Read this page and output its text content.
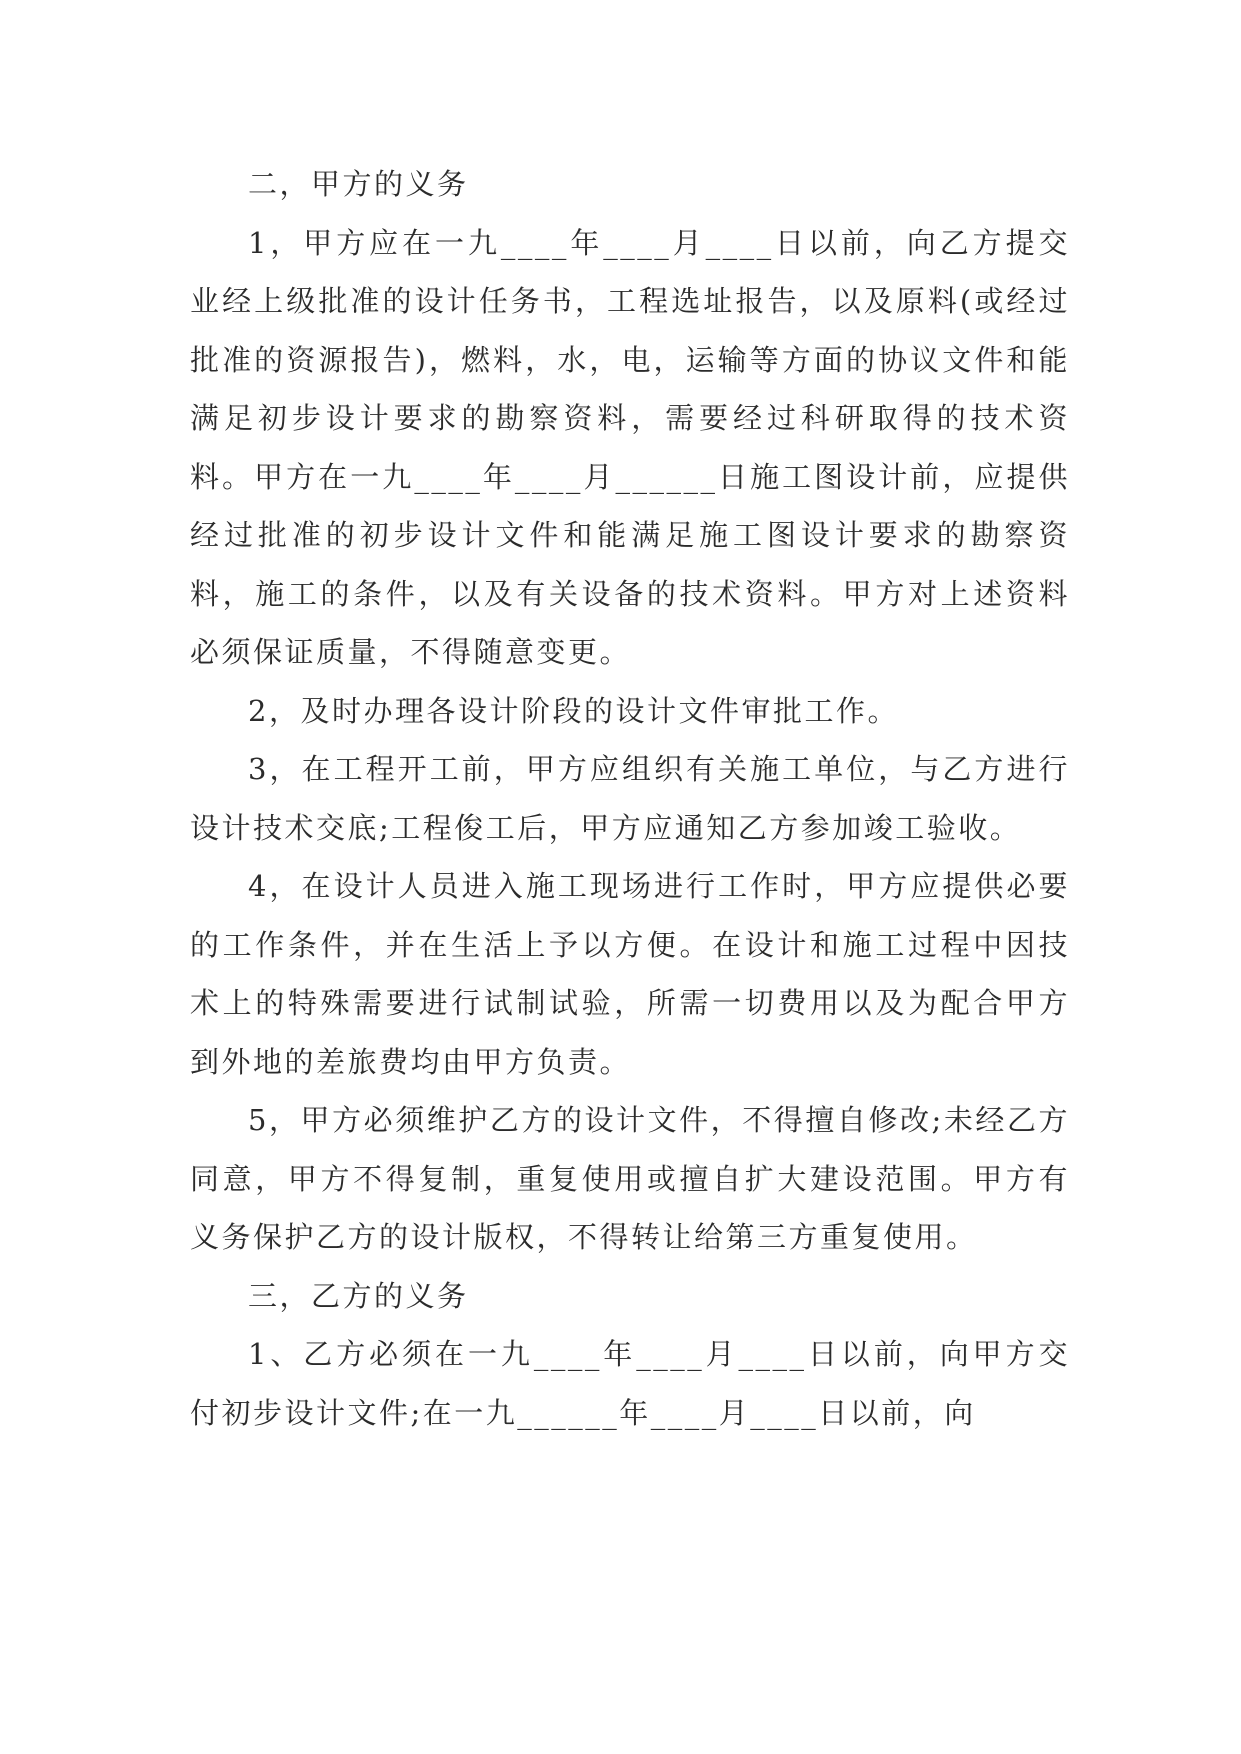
二，甲方的义务

1，甲方应在一九____年____月____日以前，向乙方提交业经上级批准的设计任务书，工程选址报告，以及原料(或经过批准的资源报告)，燃料，水，电，运输等方面的协议文件和能满足初步设计要求的勘察资料，需要经过科研取得的技术资料。甲方在一九____年____月______日施工图设计前，应提供经过批准的初步设计文件和能满足施工图设计要求的勘察资料，施工的条件，以及有关设备的技术资料。甲方对上述资料必须保证质量，不得随意变更。

2，及时办理各设计阶段的设计文件审批工作。

3，在工程开工前，甲方应组织有关施工单位，与乙方进行设计技术交底;工程俊工后，甲方应通知乙方参加竣工验收。

4，在设计人员进入施工现场进行工作时，甲方应提供必要的工作条件，并在生活上予以方便。在设计和施工过程中因技术上的特殊需要进行试制试验，所需一切费用以及为配合甲方到外地的差旅费均由甲方负责。

5，甲方必须维护乙方的设计文件，不得擅自修改;未经乙方同意，甲方不得复制，重复使用或擅自扩大建设范围。甲方有义务保护乙方的设计版权，不得转让给第三方重复使用。

三，乙方的义务

1、乙方必须在一九____年____月____日以前，向甲方交付初步设计文件;在一九______年____月____日以前，向
